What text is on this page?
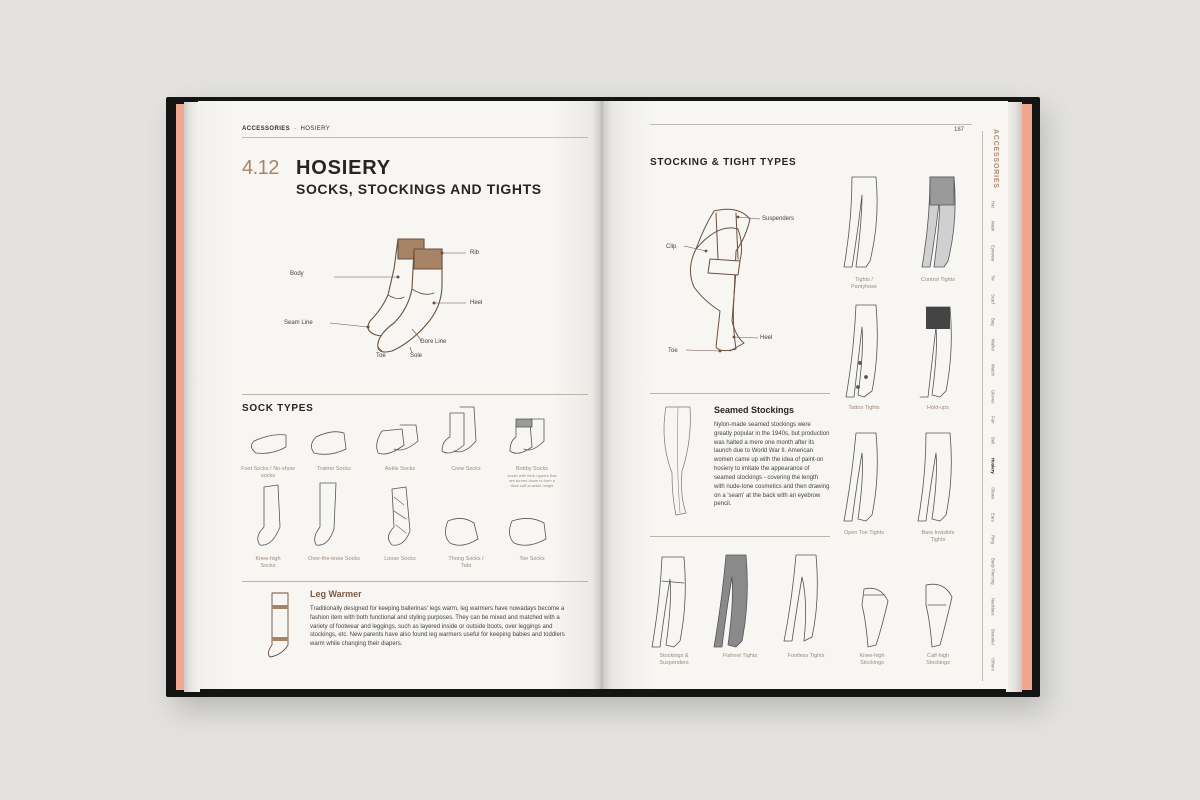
ACCESSORIES - HOSIERY
4.12 HOSIERY
SOCKS, STOCKINGS AND TIGHTS
Body
Rib
Heel
Seam Line
Gore Line
Toe	Sole
SOCK TYPES
Foot Socks / No-show socks
Trainer Socks	Ankle Socks	Crew Socks	Bobby Socks
socks with thick uppers that
are turned down to form a
thick cuff at ankle height
Knee-high
Socks
Over-the-knee Socks	Loose Socks	Thong Socks /
Tabi
Toe Socks
Leg Warmer
Traditionally designed for keeping ballerinas' legs warm, leg warmers have nowadays become a fashion item with both functional and styling purposes. They can be mixed and matched with a variety of footwear and leggings, such as layered inside or outside boots, over leggings and stockings, etc. New parents have also found leg warmers useful for keeping babies and toddlers warm while changing their diapers.
187
STOCKING & TIGHT TYPES
Suspenders
Clip
Toe
Heel
Seamed Stockings
Nylon-made seamed stockings were greatly popular in the 1940s, but production was halted a mere one month after its launch due to World War II. American women came up with the idea of paint-on hosiery to imitate the appearance of seamed stockings - covering the length with nude-tone cosmetics and then drawing on a 'seam' at the back with an eyebrow pencil.
Tights /
Pantyhose
Control Tights
Tattoo Tights	Hold-ups
Open Toe Tights	Bare Invisible
Tights
Stockings &
Suspenders
Fishnet Tights	Footless Tights	Knee-high
Stockings
Calf-high
Stockings
ACCESSORIES
Hat
Mask
Eyewear
Tie
Scarf
Bag
Wallet
Watch
Gloves
Fan
Belt
Hosiery
Shoes
Ears
Ring
Body Piercing
Necklace
Bracelet
Others
